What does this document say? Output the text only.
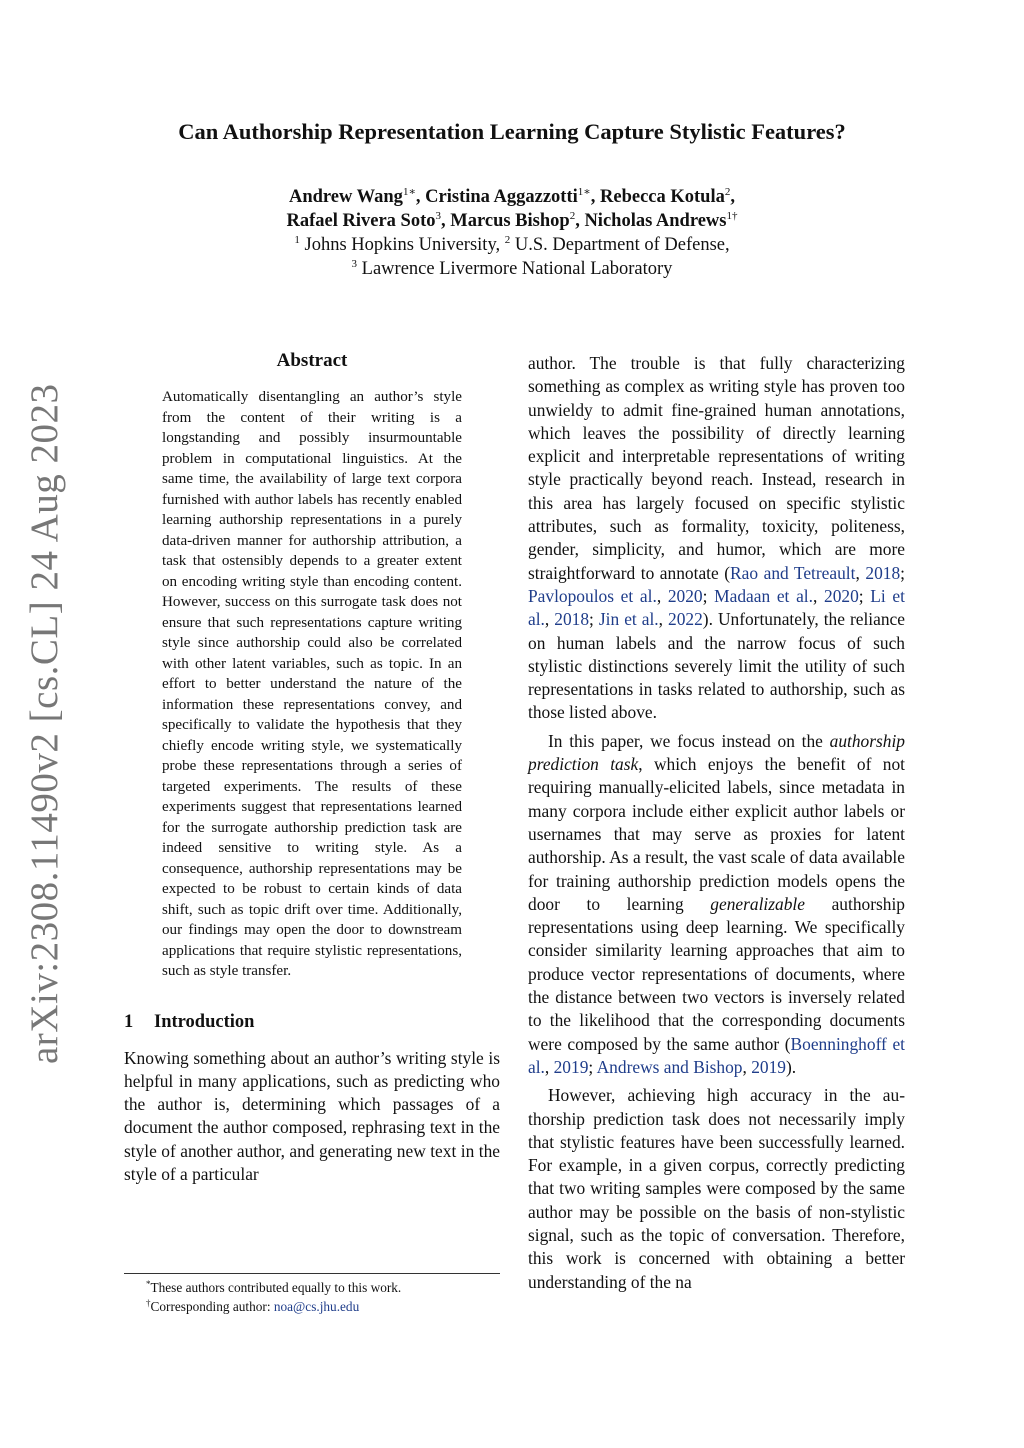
arXiv:2308.11490v2 [cs.CL] 24 Aug 2023
Can Authorship Representation Learning Capture Stylistic Features?
Andrew Wang$^{1∗}$, Cristina Aggazzotti$^{1∗}$, Rebecca Kotula$^2$,
Rafael Rivera Soto$^3$, Marcus Bishop$^2$, Nicholas Andrews$^{1\dagger}$
$^1$ Johns Hopkins University, $^2$ U.S. Department of Defense,
$^3$ Lawrence Livermore National Laboratory
Abstract

Automatically disentangling an author’s style from the content of their writing is a longstanding and possibly insurmountable problem in computational linguistics. At the same time, the availability of large text corpora furnished with author labels has recently enabled learning authorship representations in a purely data-driven manner for authorship attribution, a task that ostensibly depends to a greater extent on encoding writing style than encoding content. However, success on this surrogate task does not ensure that such representations capture writing style since authorship could also be correlated with other latent variables, such as topic. In an effort to better understand the nature of the information these representations convey, and specifically to validate the hypothesis that they chiefly encode writing style, we systematically probe these representations through a series of targeted experiments. The results of these experiments suggest that representations learned for the surrogate authorship prediction task are indeed sensitive to writing style. As a consequence, authorship representations may be expected to be robust to certain kinds of data shift, such as topic drift over time. Additionally, our findings may open the door to downstream applications that require stylistic representations, such as style transfer.

1 Introduction

Knowing something about an author’s writing style is helpful in many applications, such as predicting who the author is, determining which passages of a document the author composed, rephrasing text in the style of another author, and generating new text in the style of a particular

*These authors contributed equally to this work.
†Corresponding author: noa@cs.jhu.edu

author. The trouble is that fully characterizing something as complex as writing style has proven too unwieldy to admit fine-grained human annotations, which leaves the possibility of directly learning explicit and interpretable representations of writing style practically beyond reach. Instead, research in this area has largely focused on specific stylistic attributes, such as formality, toxicity, politeness, gender, simplicity, and humor, which are more straightforward to annotate (Rao and Tetreault, 2018; Pavlopoulos et al., 2020; Madaan et al., 2020; Li et al., 2018; Jin et al., 2022). Unfortunately, the reliance on human labels and the narrow focus of such stylistic distinctions severely limit the utility of such representations in tasks related to authorship, such as those listed above.

In this paper, we focus instead on the authorship prediction task, which enjoys the benefit of not requiring manually-elicited labels, since metadata in many corpora include either explicit author labels or usernames that may serve as proxies for latent authorship. As a result, the vast scale of data available for training authorship prediction models opens the door to learning generalizable authorship representations using deep learning. We specifically consider similarity learning approaches that aim to produce vector representations of documents, where the distance between two vectors is inversely related to the likelihood that the corresponding documents were composed by the same author (Boenninghoff et al., 2019; Andrews and Bishop, 2019).

However, achieving high accuracy in the authorship prediction task does not necessarily imply that stylistic features have been successfully learned. For example, in a given corpus, correctly predicting that two writing samples were composed by the same author may be possible on the basis of non-stylistic signal, such as the topic of conversation. Therefore, this work is concerned with obtaining a better understanding of the na
